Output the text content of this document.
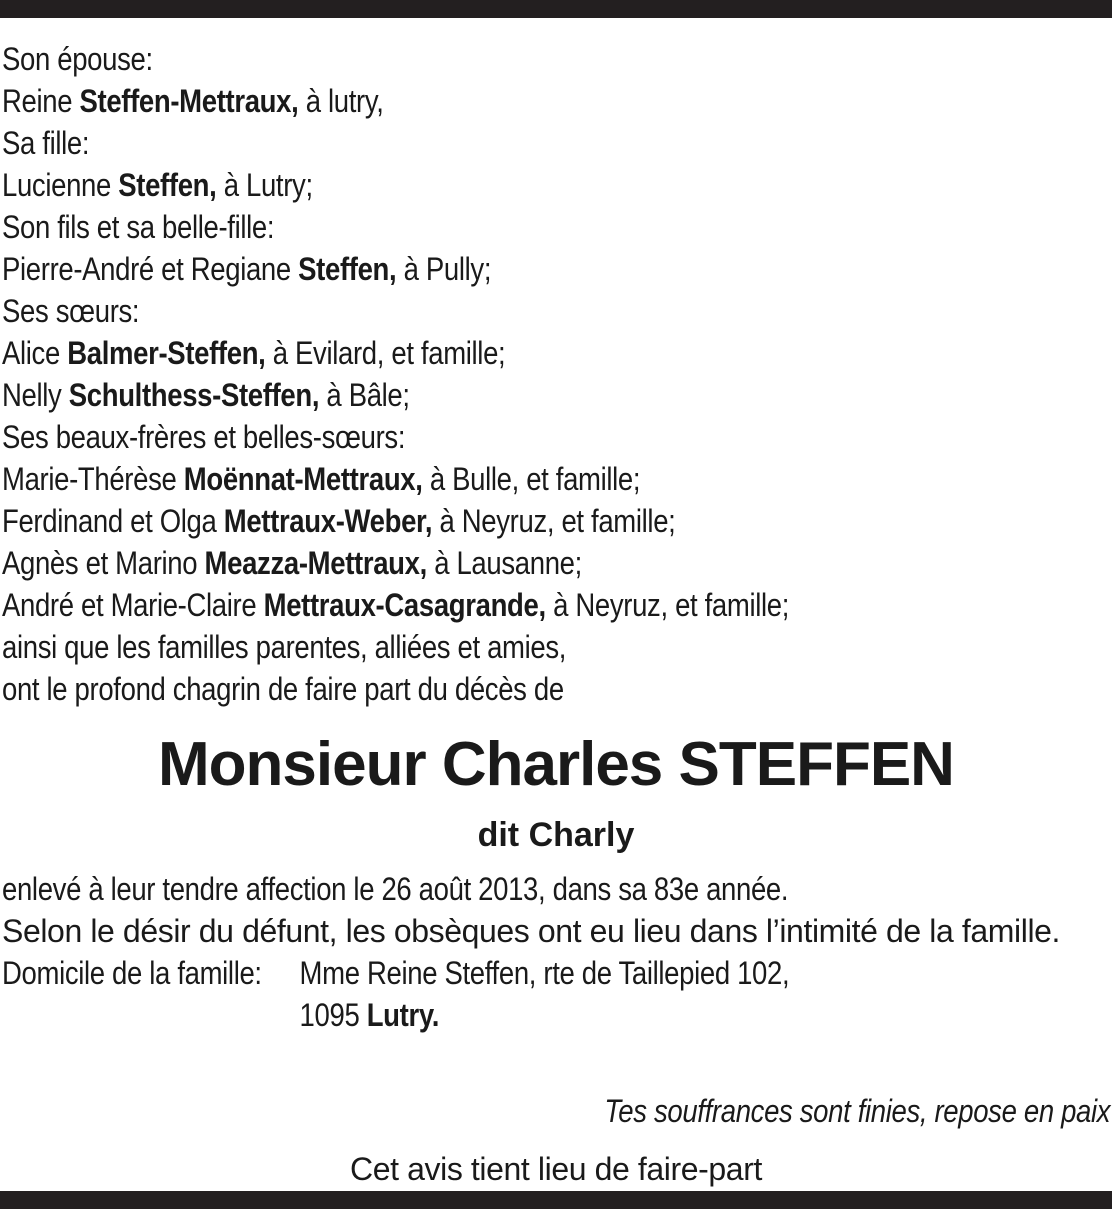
Son épouse:
Reine Steffen-Mettraux, à lutry,
Sa fille:
Lucienne Steffen, à Lutry;
Son fils et sa belle-fille:
Pierre-André et Regiane Steffen, à Pully;
Ses sœurs:
Alice Balmer-Steffen, à Evilard, et famille;
Nelly Schulthess-Steffen, à Bâle;
Ses beaux-frères et belles-sœurs:
Marie-Thérèse Moënnat-Mettraux, à Bulle, et famille;
Ferdinand et Olga Mettraux-Weber, à Neyruz, et famille;
Agnès et Marino Meazza-Mettraux, à Lausanne;
André et Marie-Claire Mettraux-Casagrande, à Neyruz, et famille;
ainsi que les familles parentes, alliées et amies,
ont le profond chagrin de faire part du décès de
Monsieur Charles STEFFEN
dit Charly
enlevé à leur tendre affection le 26 août 2013, dans sa 83e année.
Selon le désir du défunt, les obsèques ont eu lieu dans l’intimité de la famille.
Domicile de la famille: Mme Reine Steffen, rte de Taillepied 102,
1095 Lutry.
Tes souffrances sont finies, repose en paix
Cet avis tient lieu de faire-part
